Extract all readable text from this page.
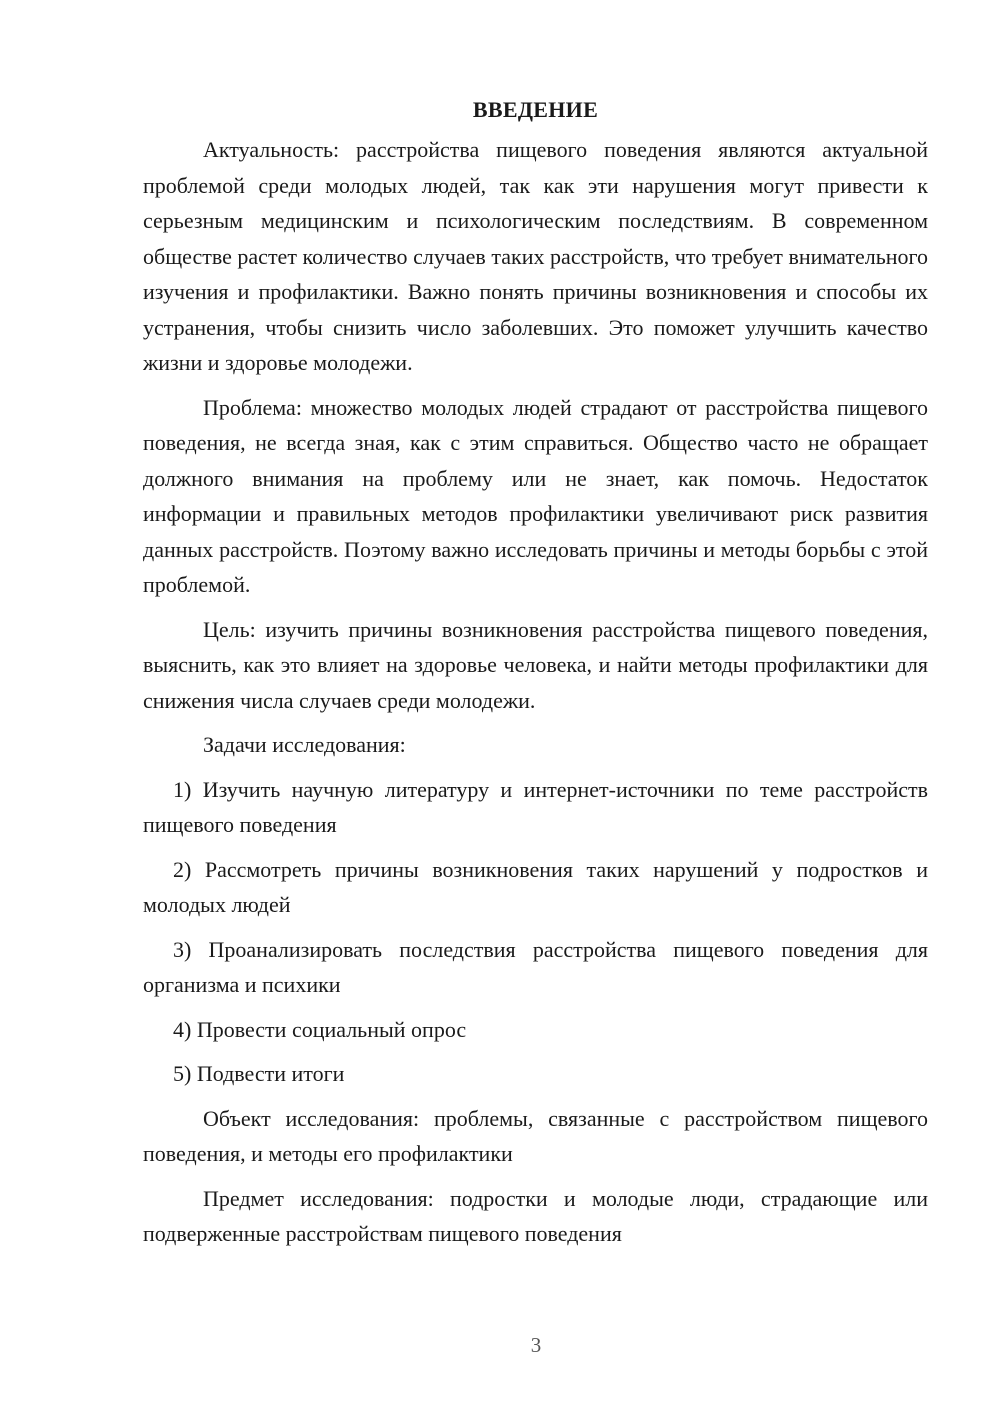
ВВЕДЕНИЕ

Актуальность: расстройства пищевого поведения являются актуальной проблемой среди молодых людей, так как эти нарушения могут привести к серьезным медицинским и психологическим последствиям. В современном обществе растет количество случаев таких расстройств, что требует внимательного изучения и профилактики. Важно понять причины возникновения и способы их устранения, чтобы снизить число заболевших. Это поможет улучшить качество жизни и здоровье молодежи.

Проблема: множество молодых людей страдают от расстройства пищевого поведения, не всегда зная, как с этим справиться. Общество часто не обращает должного внимания на проблему или не знает, как помочь. Недостаток информации и правильных методов профилактики увеличивают риск развития данных расстройств. Поэтому важно исследовать причины и методы борьбы с этой проблемой.

Цель: изучить причины возникновения расстройства пищевого поведения, выяснить, как это влияет на здоровье человека, и найти методы профилактики для снижения числа случаев среди молодежи.

Задачи исследования:

1) Изучить научную литературу и интернет-источники по теме расстройств пищевого поведения

2) Рассмотреть причины возникновения таких нарушений у подростков и молодых людей

3) Проанализировать последствия расстройства пищевого поведения для организма и психики

4) Провести социальный опрос

5) Подвести итоги

Объект исследования: проблемы, связанные с расстройством пищевого поведения, и методы его профилактики

Предмет исследования: подростки и молодые люди, страдающие или подверженные расстройствам пищевого поведения

3
